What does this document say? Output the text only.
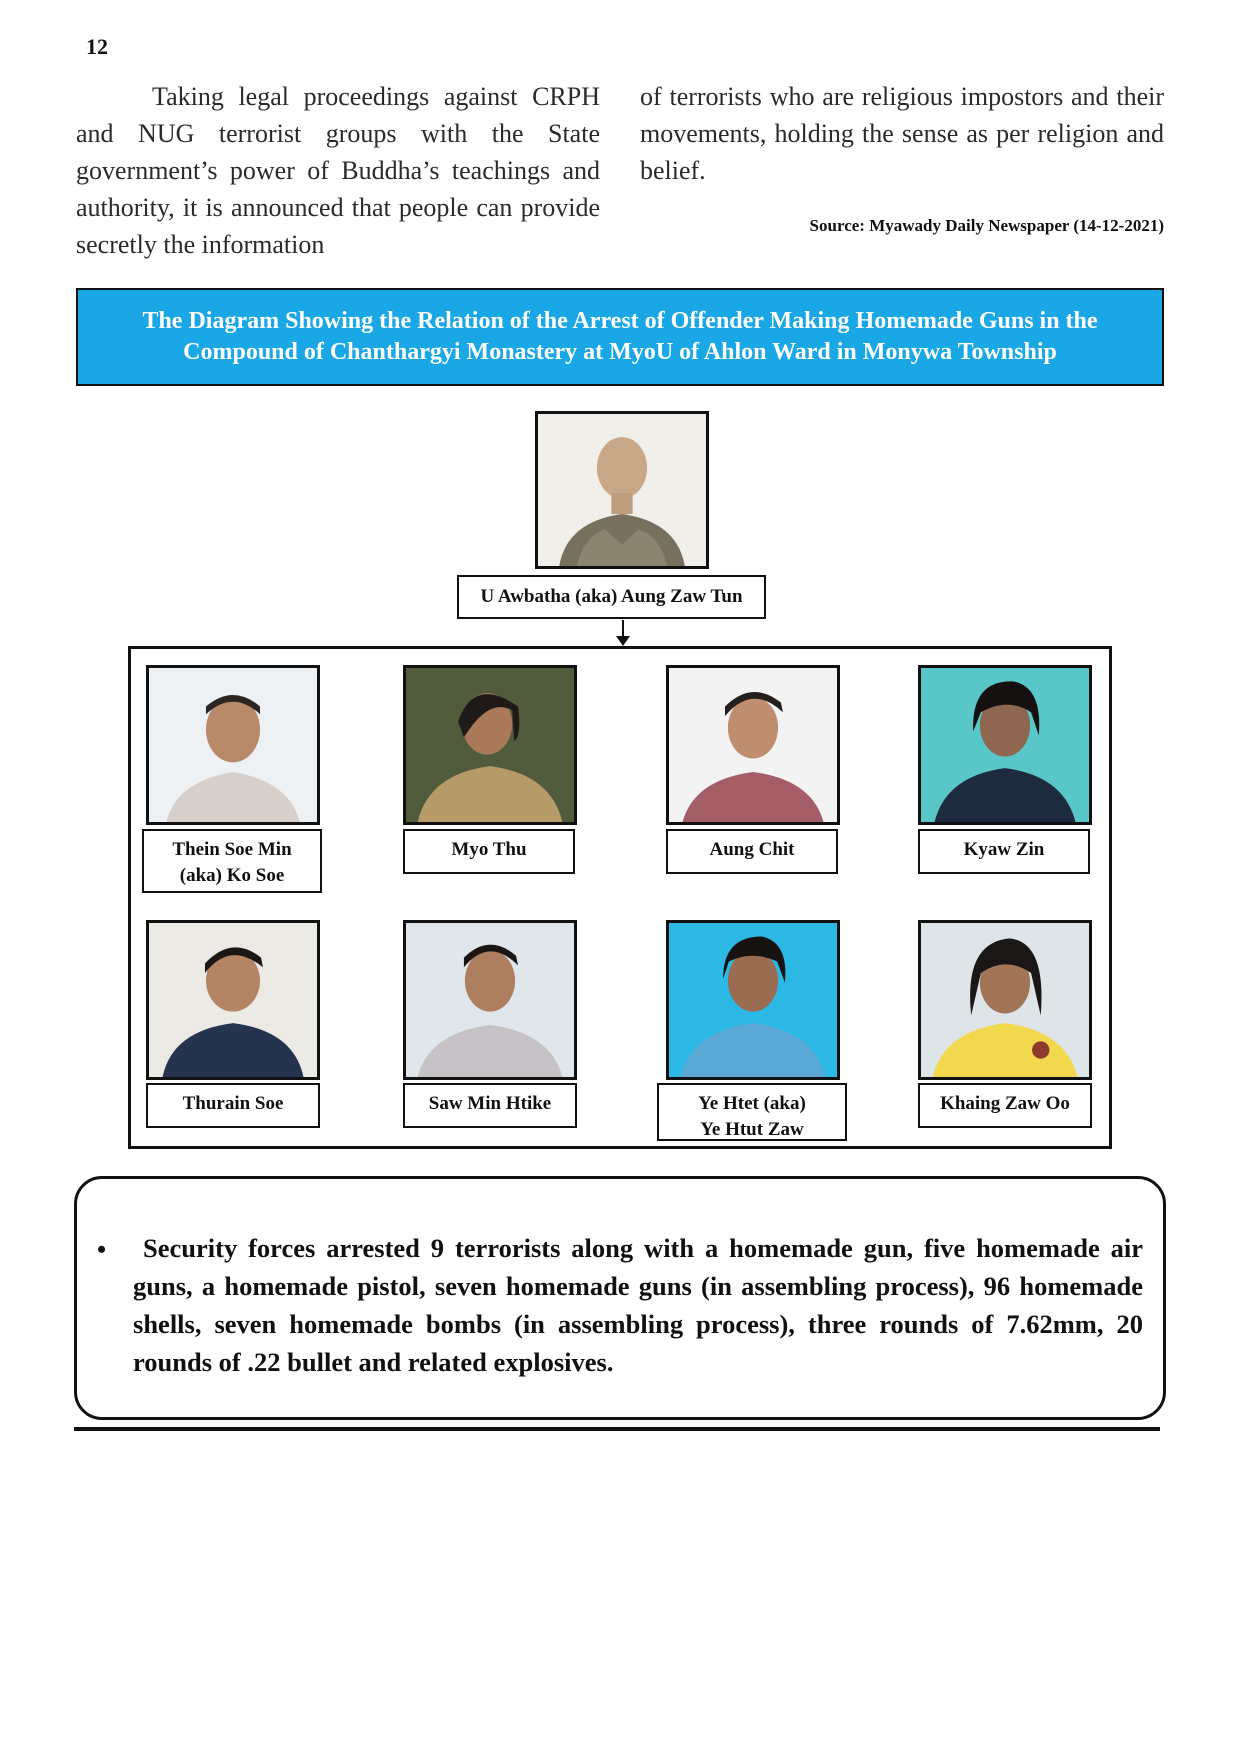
12
Taking legal proceedings against CRPH and NUG terrorist groups with the State government’s power of Buddha’s teachings and authority, it is announced that people can provide secretly the information
of terrorists who are religious impostors and their movements, holding the sense as per religion and belief.
Source: Myawady Daily Newspaper (14-12-2021)
The Diagram Showing the Relation of the Arrest of Offender Making Homemade Guns in the
Compound of Chanthargyi Monastery at MyoU of Ahlon Ward in Monywa Township
U Awbatha (aka) Aung Zaw Tun
Thein Soe Min
(aka) Ko Soe
Myo Thu	Aung Chit	Kyaw Zin
Thurain Soe	Saw Min Htike	Ye Htet (aka)
Ye Htut Zaw
Khaing Zaw Oo
•	Security forces arrested 9 terrorists along with a homemade gun, five homemade air guns, a homemade pistol, seven homemade guns (in assembling process), 96 homemade shells, seven homemade bombs (in assembling process), three rounds of 7.62mm, 20 rounds of .22 bullet and related explosives.
